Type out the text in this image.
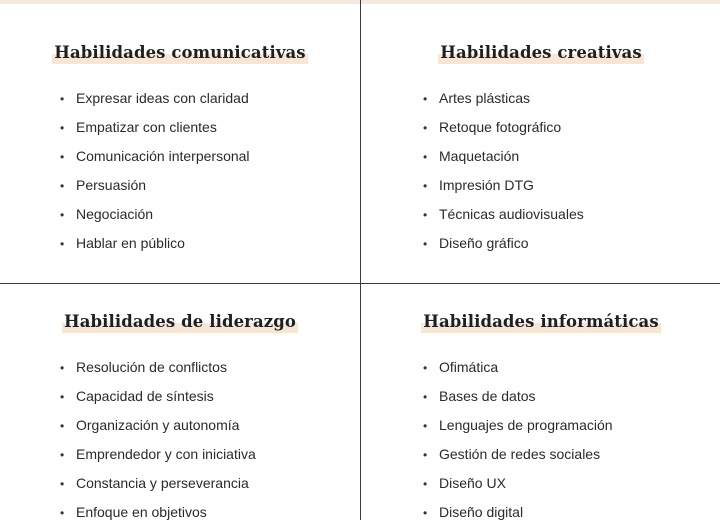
Habilidades comunicativas
• Expresar ideas con claridad
• Empatizar con clientes
• Comunicación interpersonal
• Persuasión
• Negociación
• Hablar en público
Habilidades creativas
• Artes plásticas
• Retoque fotográfico
• Maquetación
• Impresión DTG
• Técnicas audiovisuales
• Diseño gráfico
Habilidades de liderazgo
• Resolución de conflictos
• Capacidad de síntesis
• Organización y autonomía
• Emprendedor y con iniciativa
• Constancia y perseverancia
• Enfoque en objetivos
Habilidades informáticas
• Ofimática
• Bases de datos
• Lenguajes de programación
• Gestión de redes sociales
• Diseño UX
• Diseño digital
